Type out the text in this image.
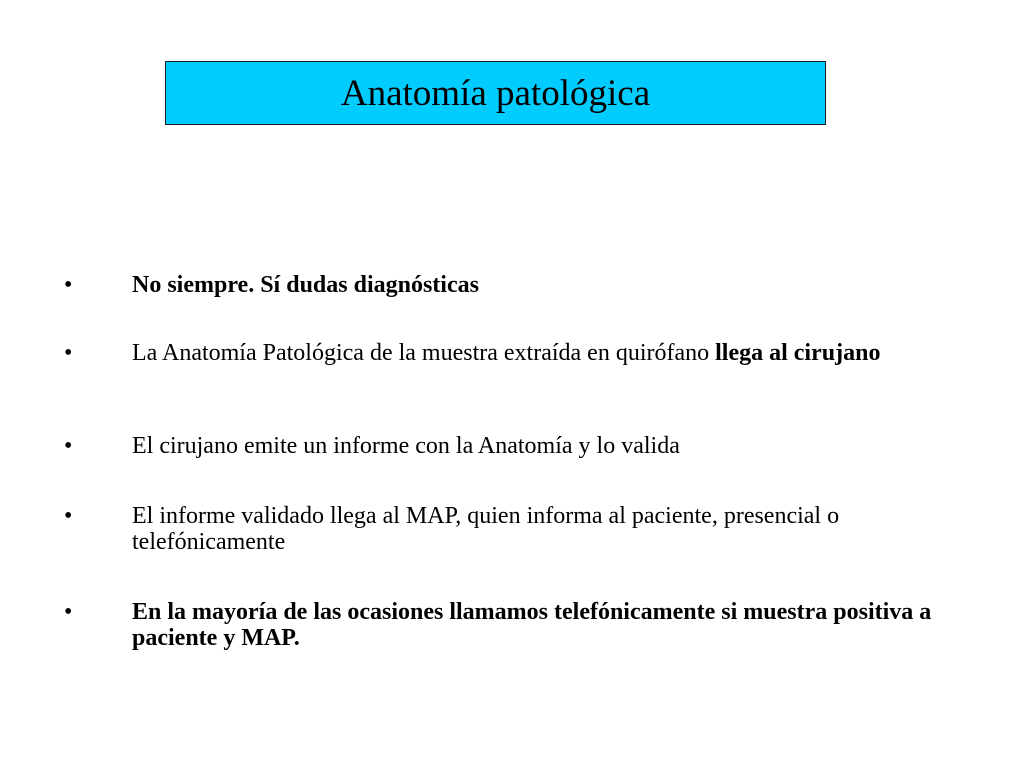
Anatomía patológica
• No siempre. Sí dudas diagnósticas
• La Anatomía Patológica de la muestra extraída en quirófano llega al cirujano
• El cirujano emite un informe con la Anatomía y lo valida
• El informe validado llega al MAP, quien informa al paciente, presencial o telefónicamente
• En la mayoría de las ocasiones llamamos telefónicamente si muestra positiva a paciente y MAP.
